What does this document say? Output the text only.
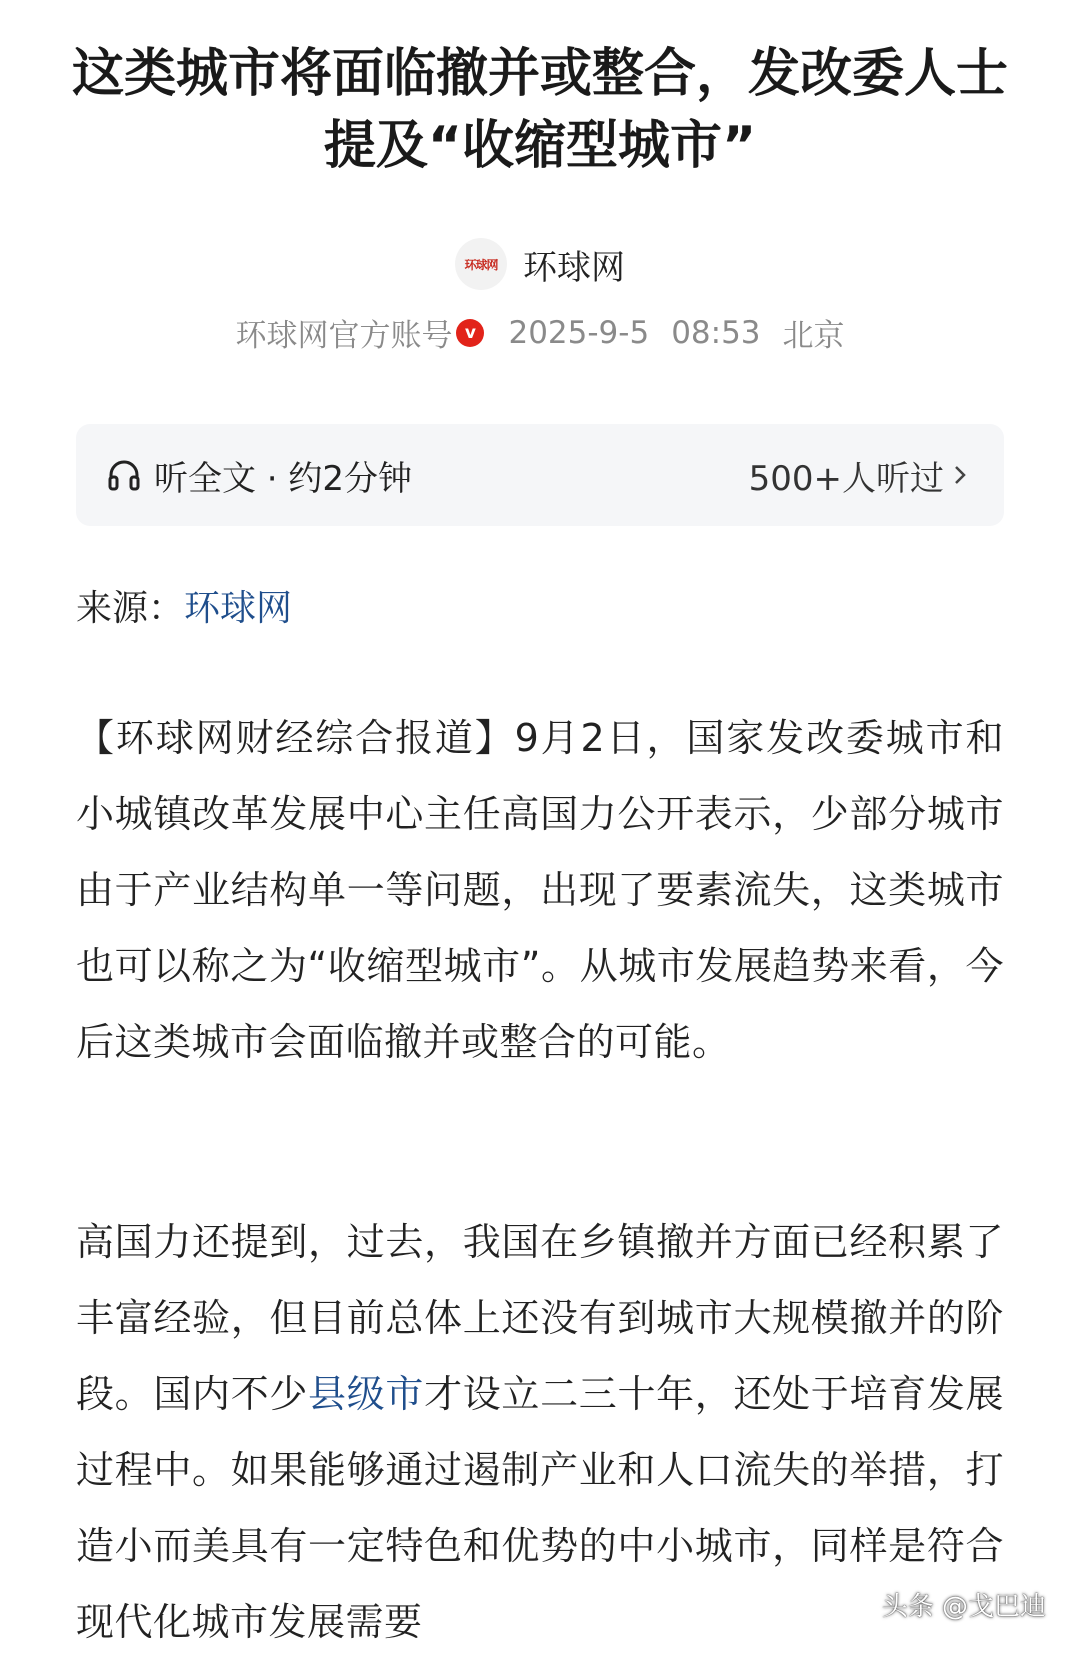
这类城市将面临撤并或整合，发改委人士
提及“收缩型城市”
环球网 环球网
环球网官方账号 v 2025-9-5 08:53 北京
听全文 · 约2分钟	500+人听过
来源：环球网

【环球网财经综合报道】9月2日，国家发改委城市和小城镇改革发展中心主任高国力公开表示，少部分城市由于产业结构单一等问题，出现了要素流失，这类城市也可以称之为“收缩型城市”。从城市发展趋势来看，今后这类城市会面临撤并或整合的可能。

高国力还提到，过去，我国在乡镇撤并方面已经积累了丰富经验，但目前总体上还没有到城市大规模撤并的阶段。国内不少县级市才设立二三十年，还处于培育发展过程中。如果能够通过遏制产业和人口流失的举措，打造小而美具有一定特色和优势的中小城市，同样是符合现代化城市发展需要	头条 @戈巴迪
